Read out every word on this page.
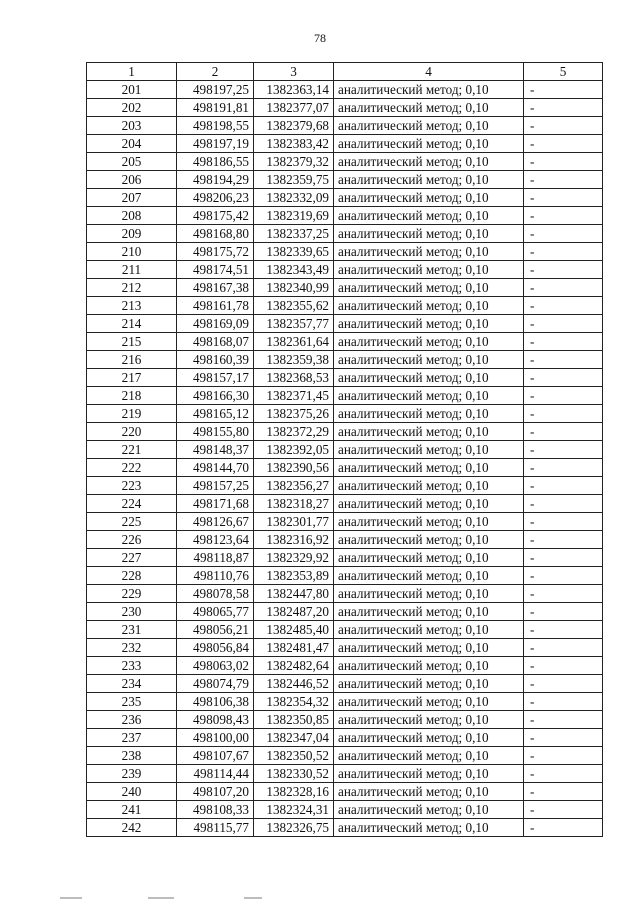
78
1	2	3	4	5
201	498197,25	1382363,14	аналитический метод; 0,10	-
202	498191,81	1382377,07	аналитический метод; 0,10	-
203	498198,55	1382379,68	аналитический метод; 0,10	-
204	498197,19	1382383,42	аналитический метод; 0,10	-
205	498186,55	1382379,32	аналитический метод; 0,10	-
206	498194,29	1382359,75	аналитический метод; 0,10	-
207	498206,23	1382332,09	аналитический метод; 0,10	-
208	498175,42	1382319,69	аналитический метод; 0,10	-
209	498168,80	1382337,25	аналитический метод; 0,10	-
210	498175,72	1382339,65	аналитический метод; 0,10	-
211	498174,51	1382343,49	аналитический метод; 0,10	-
212	498167,38	1382340,99	аналитический метод; 0,10	-
213	498161,78	1382355,62	аналитический метод; 0,10	-
214	498169,09	1382357,77	аналитический метод; 0,10	-
215	498168,07	1382361,64	аналитический метод; 0,10	-
216	498160,39	1382359,38	аналитический метод; 0,10	-
217	498157,17	1382368,53	аналитический метод; 0,10	-
218	498166,30	1382371,45	аналитический метод; 0,10	-
219	498165,12	1382375,26	аналитический метод; 0,10	-
220	498155,80	1382372,29	аналитический метод; 0,10	-
221	498148,37	1382392,05	аналитический метод; 0,10	-
222	498144,70	1382390,56	аналитический метод; 0,10	-
223	498157,25	1382356,27	аналитический метод; 0,10	-
224	498171,68	1382318,27	аналитический метод; 0,10	-
225	498126,67	1382301,77	аналитический метод; 0,10	-
226	498123,64	1382316,92	аналитический метод; 0,10	-
227	498118,87	1382329,92	аналитический метод; 0,10	-
228	498110,76	1382353,89	аналитический метод; 0,10	-
229	498078,58	1382447,80	аналитический метод; 0,10	-
230	498065,77	1382487,20	аналитический метод; 0,10	-
231	498056,21	1382485,40	аналитический метод; 0,10	-
232	498056,84	1382481,47	аналитический метод; 0,10	-
233	498063,02	1382482,64	аналитический метод; 0,10	-
234	498074,79	1382446,52	аналитический метод; 0,10	-
235	498106,38	1382354,32	аналитический метод; 0,10	-
236	498098,43	1382350,85	аналитический метод; 0,10	-
237	498100,00	1382347,04	аналитический метод; 0,10	-
238	498107,67	1382350,52	аналитический метод; 0,10	-
239	498114,44	1382330,52	аналитический метод; 0,10	-
240	498107,20	1382328,16	аналитический метод; 0,10	-
241	498108,33	1382324,31	аналитический метод; 0,10	-
242	498115,77	1382326,75	аналитический метод; 0,10	-
